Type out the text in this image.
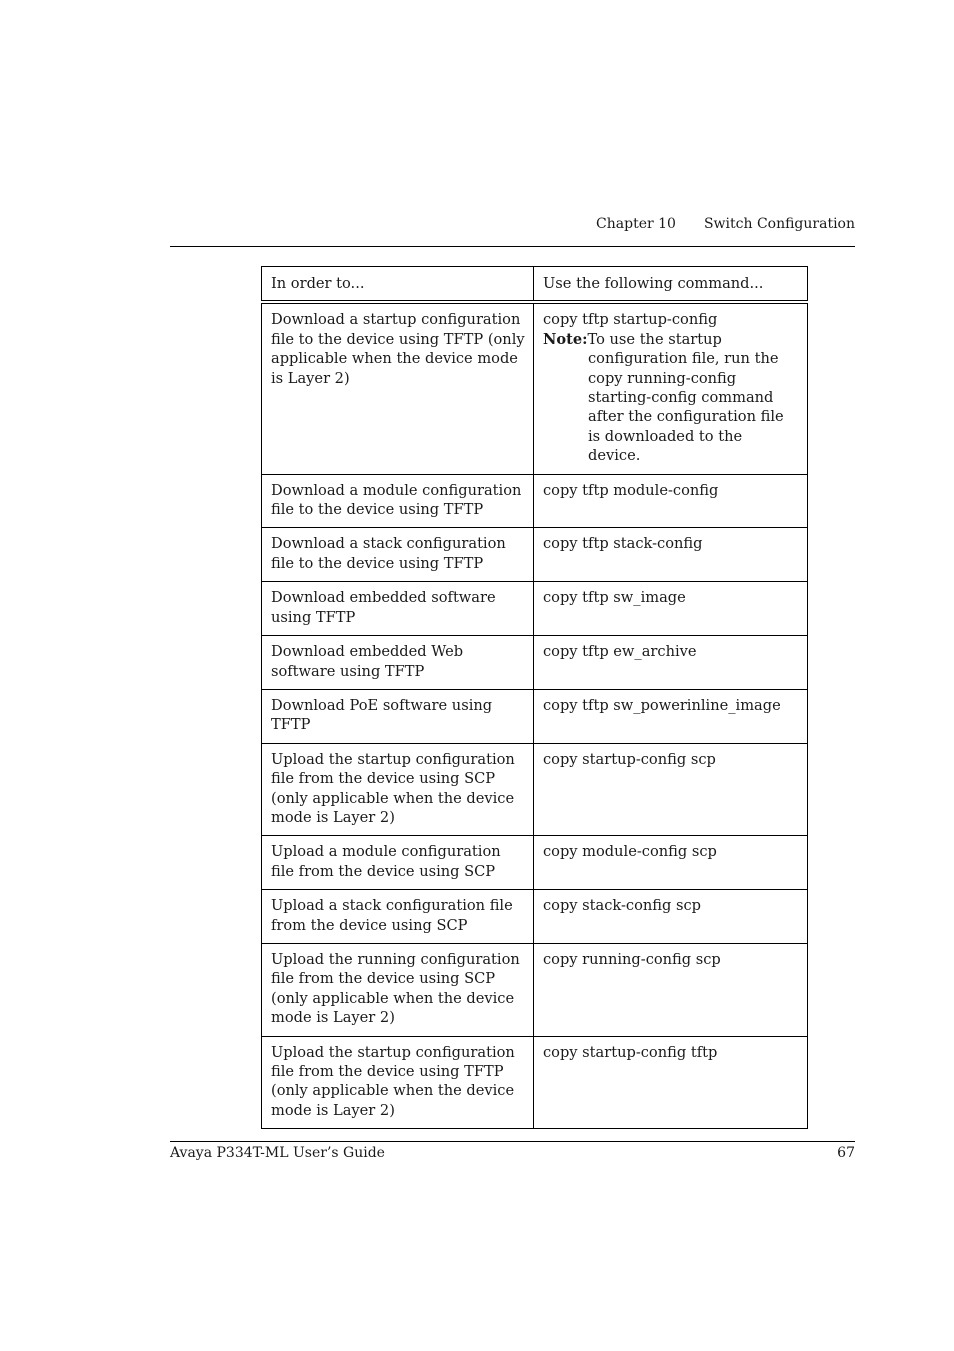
Chapter 10 Switch Configuration
In order to...	Use the following command...
Download a startup configuration file to the device using TFTP (only applicable when the device mode is Layer 2)	copy tftp startup-config
Note: To use the startup
configuration file, run the copy running-config starting-config command after the configuration file is downloaded to the device.

Download a module configuration file to the device using TFTP	copy tftp module-config
Download a stack configuration file to the device using TFTP	copy tftp stack-config
Download embedded software using TFTP	copy tftp sw_image
Download embedded Web software using TFTP	copy tftp ew_archive
Download PoE software using TFTP	copy tftp sw_powerinline_image
Upload the startup configuration file from the device using SCP (only applicable when the device mode is Layer 2)	copy startup-config scp
Upload a module configuration file from the device using SCP	copy module-config scp
Upload a stack configuration file from the device using SCP	copy stack-config scp
Upload the running configuration file from the device using SCP (only applicable when the device mode is Layer 2)	copy running-config scp
Upload the startup configuration file from the device using TFTP (only applicable when the device mode is Layer 2)	copy startup-config tftp
Avaya P334T-ML User’s Guide	67
